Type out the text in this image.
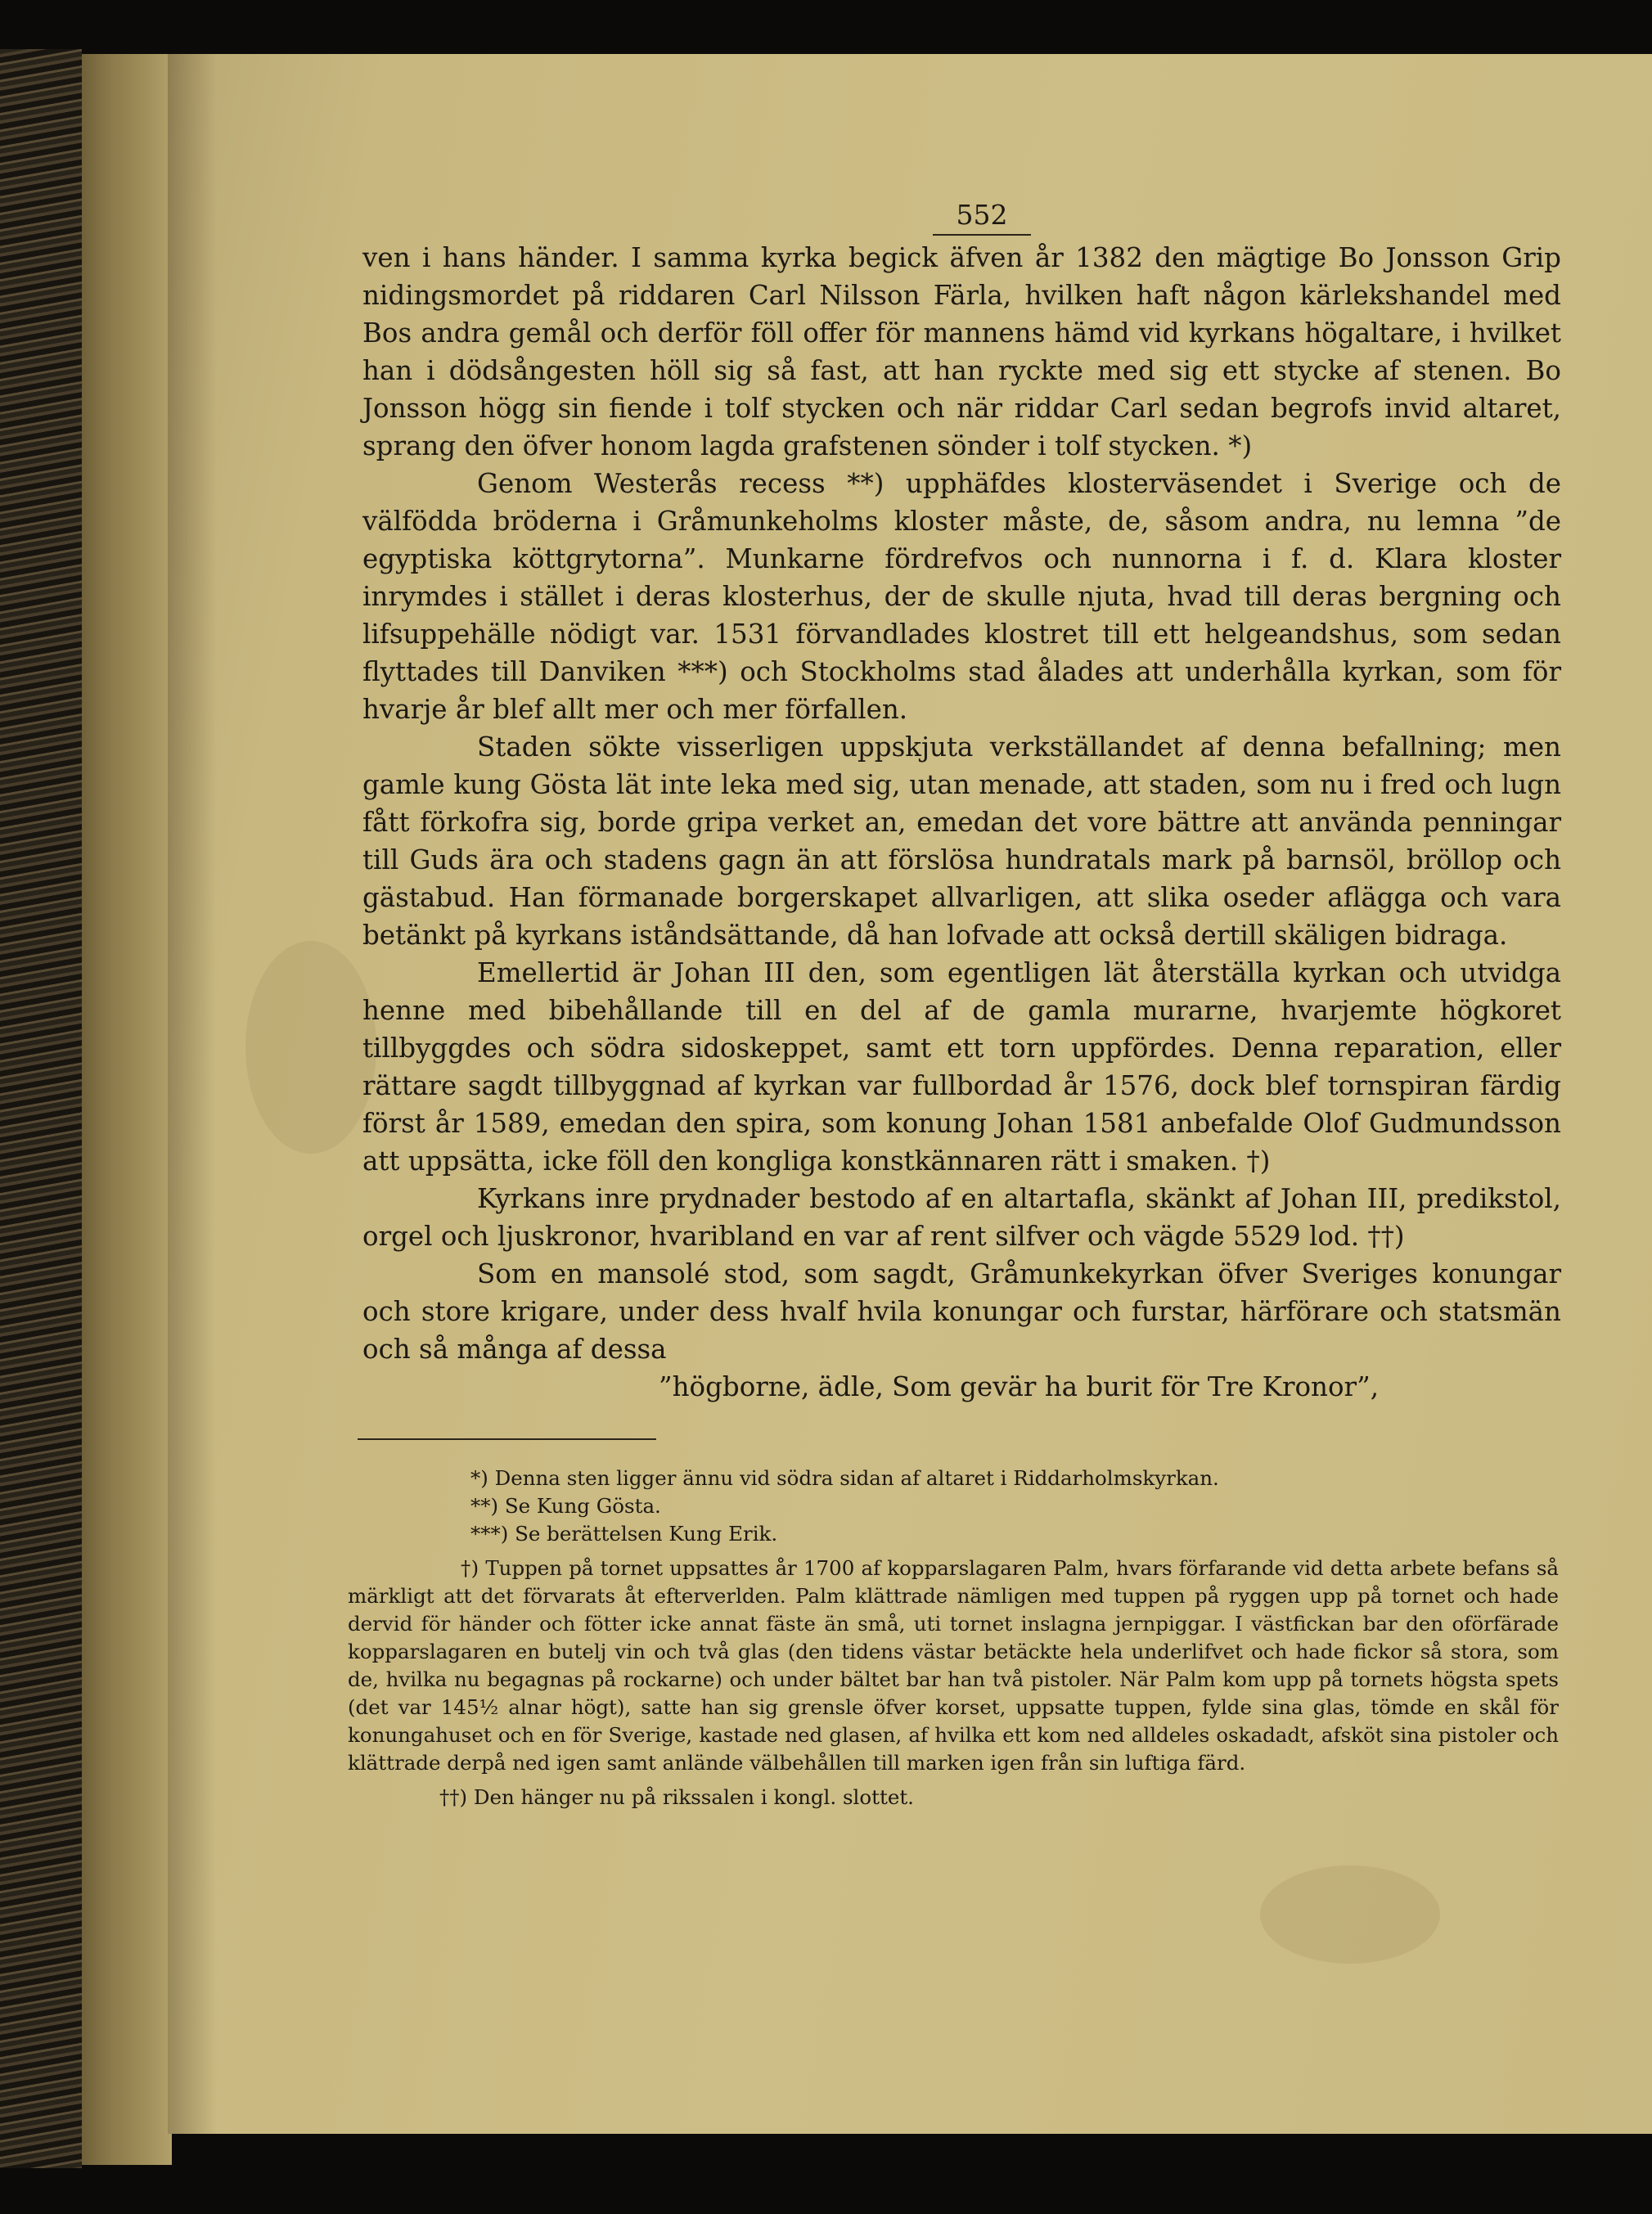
552

ven i hans händer. I samma kyrka begick äfven år 1382 den mägtige Bo Jonsson Grip nidingsmordet på riddaren Carl Nilsson Färla, hvilken haft någon kärlekshandel med Bos andra gemål och derför föll offer för mannens hämd vid kyrkans högaltare, i hvilket han i dödsångesten höll sig så fast, att han ryckte med sig ett stycke af stenen. Bo Jonsson högg sin fiende i tolf stycken och när riddar Carl sedan begrofs invid altaret, sprang den öfver honom lagda grafstenen sönder i tolf stycken. *)

Genom Westerås recess **) upphäfdes klosterväsendet i Sverige och de välfödda bröderna i Gråmunkeholms kloster måste, de, såsom andra, nu lemna ”de egyptiska köttgrytorna”. Munkarne fördrefvos och nunnorna i f. d. Klara kloster inrymdes i stället i deras klosterhus, der de skulle njuta, hvad till deras bergning och lifsuppehälle nödigt var. 1531 förvandlades klostret till ett helgeandshus, som sedan flyttades till Danviken ***) och Stockholms stad ålades att underhålla kyrkan, som för hvarje år blef allt mer och mer förfallen.

Staden sökte visserligen uppskjuta verkställandet af denna befallning; men gamle kung Gösta lät inte leka med sig, utan menade, att staden, som nu i fred och lugn fått förkofra sig, borde gripa verket an, emedan det vore bättre att använda penningar till Guds ära och stadens gagn än att förslösa hundratals mark på barnsöl, bröllop och gästabud. Han förmanade borgerskapet allvarligen, att slika oseder aflägga och vara betänkt på kyrkans iståndsättande, då han lofvade att också dertill skäligen bidraga.

Emellertid är Johan III den, som egentligen lät återställa kyrkan och utvidga henne med bibehållande till en del af de gamla murarne, hvarjemte högkoret tillbyggdes och södra sidoskeppet, samt ett torn uppfördes. Denna reparation, eller rättare sagdt tillbyggnad af kyrkan var fullbordad år 1576, dock blef tornspiran färdig först år 1589, emedan den spira, som konung Johan 1581 anbefalde Olof Gudmundsson att uppsätta, icke föll den kongliga konstkännaren rätt i smaken. †)

Kyrkans inre prydnader bestodo af en altartafla, skänkt af Johan III, predikstol, orgel och ljuskronor, hvaribland en var af rent silfver och vägde 5529 lod. ††)

Som en mansolé stod, som sagdt, Gråmunkekyrkan öfver Sveriges konungar och store krigare, under dess hvalf hvila konungar och furstar, härförare och statsmän och så många af dessa

”högborne, ädle, Som gevär ha burit för Tre Kronor”,

*) Denna sten ligger ännu vid södra sidan af altaret i Riddarholmskyrkan.

**) Se Kung Gösta.

***) Se berättelsen Kung Erik.

†) Tuppen på tornet uppsattes år 1700 af kopparslagaren Palm, hvars förfarande vid detta arbete befans så märkligt att det förvarats åt efterverlden. Palm klättrade nämligen med tuppen på ryggen upp på tornet och hade dervid för händer och fötter icke annat fäste än små, uti tornet inslagna jernpiggar. I västfickan bar den oförfärade kopparslagaren en butelj vin och två glas (den tidens västar betäckte hela underlifvet och hade fickor så stora, som de, hvilka nu begagnas på rockarne) och under bältet bar han två pistoler. När Palm kom upp på tornets högsta spets (det var 145½ alnar högt), satte han sig grensle öfver korset, uppsatte tuppen, fylde sina glas, tömde en skål för konungahuset och en för Sverige, kastade ned glasen, af hvilka ett kom ned alldeles oskadadt, afsköt sina pistoler och klättrade derpå ned igen samt anlände välbehållen till marken igen från sin luftiga färd.

††) Den hänger nu på rikssalen i kongl. slottet.
